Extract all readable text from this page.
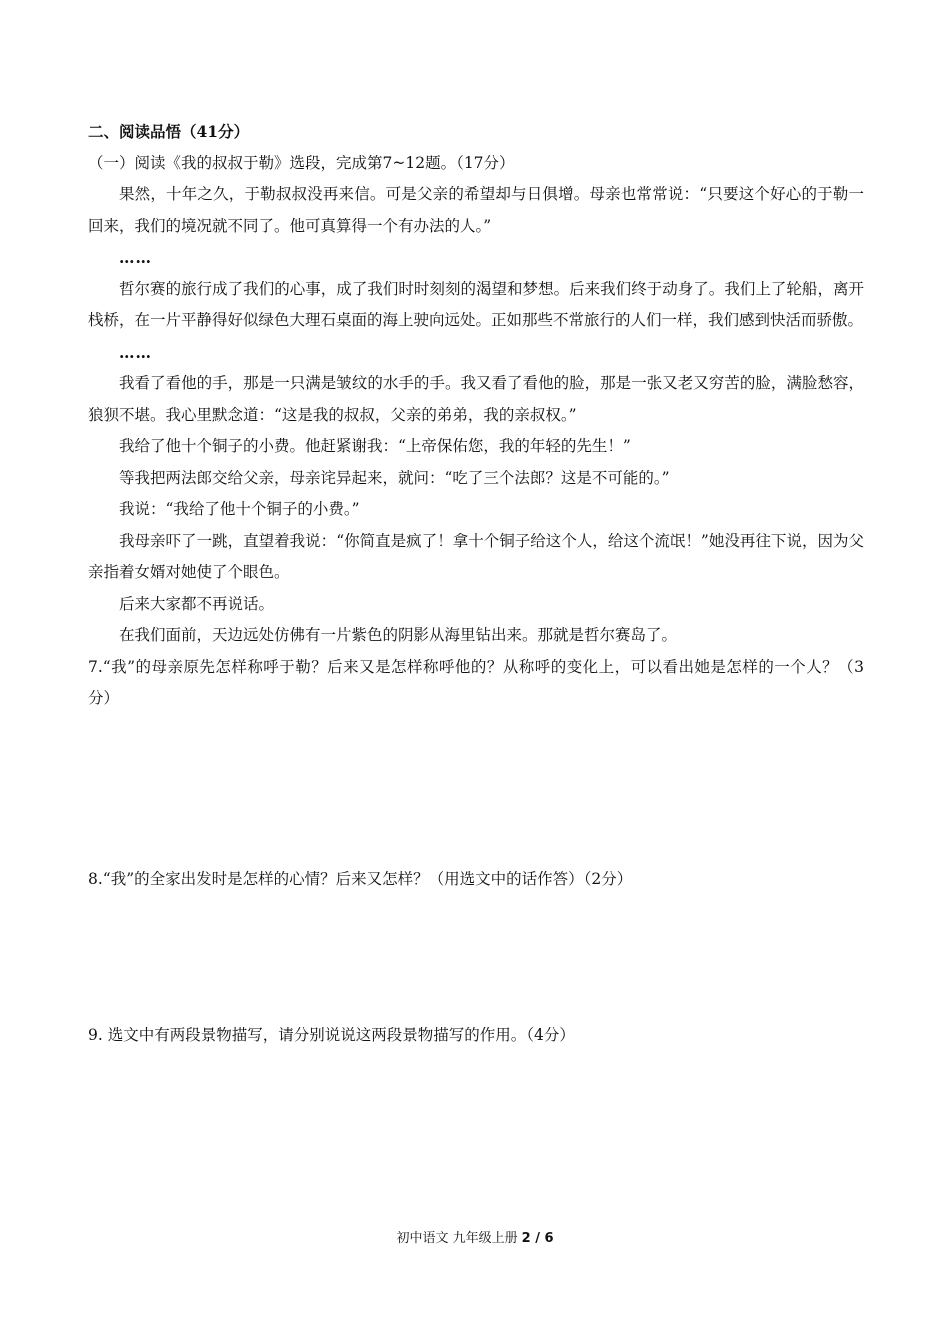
二、阅读品悟（41分）

（一）阅读《我的叔叔于勒》选段，完成第7~12题。（17分）

果然，十年之久，于勒叔叔没再来信。可是父亲的希望却与日俱增。母亲也常常说：“只要这个好心的于勒一回来，我们的境况就不同了。他可真算得一个有办法的人。”

……

哲尔赛的旅行成了我们的心事，成了我们时时刻刻的渴望和梦想。后来我们终于动身了。我们上了轮船，离开栈桥，在一片平静得好似绿色大理石桌面的海上驶向远处。正如那些不常旅行的人们一样，我们感到快活而骄傲。

……

我看了看他的手，那是一只满是皱纹的水手的手。我又看了看他的脸，那是一张又老又穷苦的脸，满脸愁容，狼狈不堪。我心里默念道：“这是我的叔叔，父亲的弟弟，我的亲叔权。”

我给了他十个铜子的小费。他赶紧谢我：“上帝保佑您，我的年轻的先生！”

等我把两法郎交给父亲，母亲诧异起来，就问：“吃了三个法郎？这是不可能的。”

我说：“我给了他十个铜子的小费。”

我母亲吓了一跳，直望着我说：“你简直是疯了！拿十个铜子给这个人，给这个流氓！”她没再往下说，因为父亲指着女婿对她使了个眼色。

后来大家都不再说话。

在我们面前，天边远处仿佛有一片紫色的阴影从海里钻出来。那就是哲尔赛岛了。

7.“我”的母亲原先怎样称呼于勒？后来又是怎样称呼他的？从称呼的变化上，可以看出她是怎样的一个人？（3分）

8.“我”的全家出发时是怎样的心情？后来又怎样？（用选文中的话作答）（2分）

9. 选文中有两段景物描写，请分别说说这两段景物描写的作用。（4分）

初中语文 九年级上册 2 / 6
